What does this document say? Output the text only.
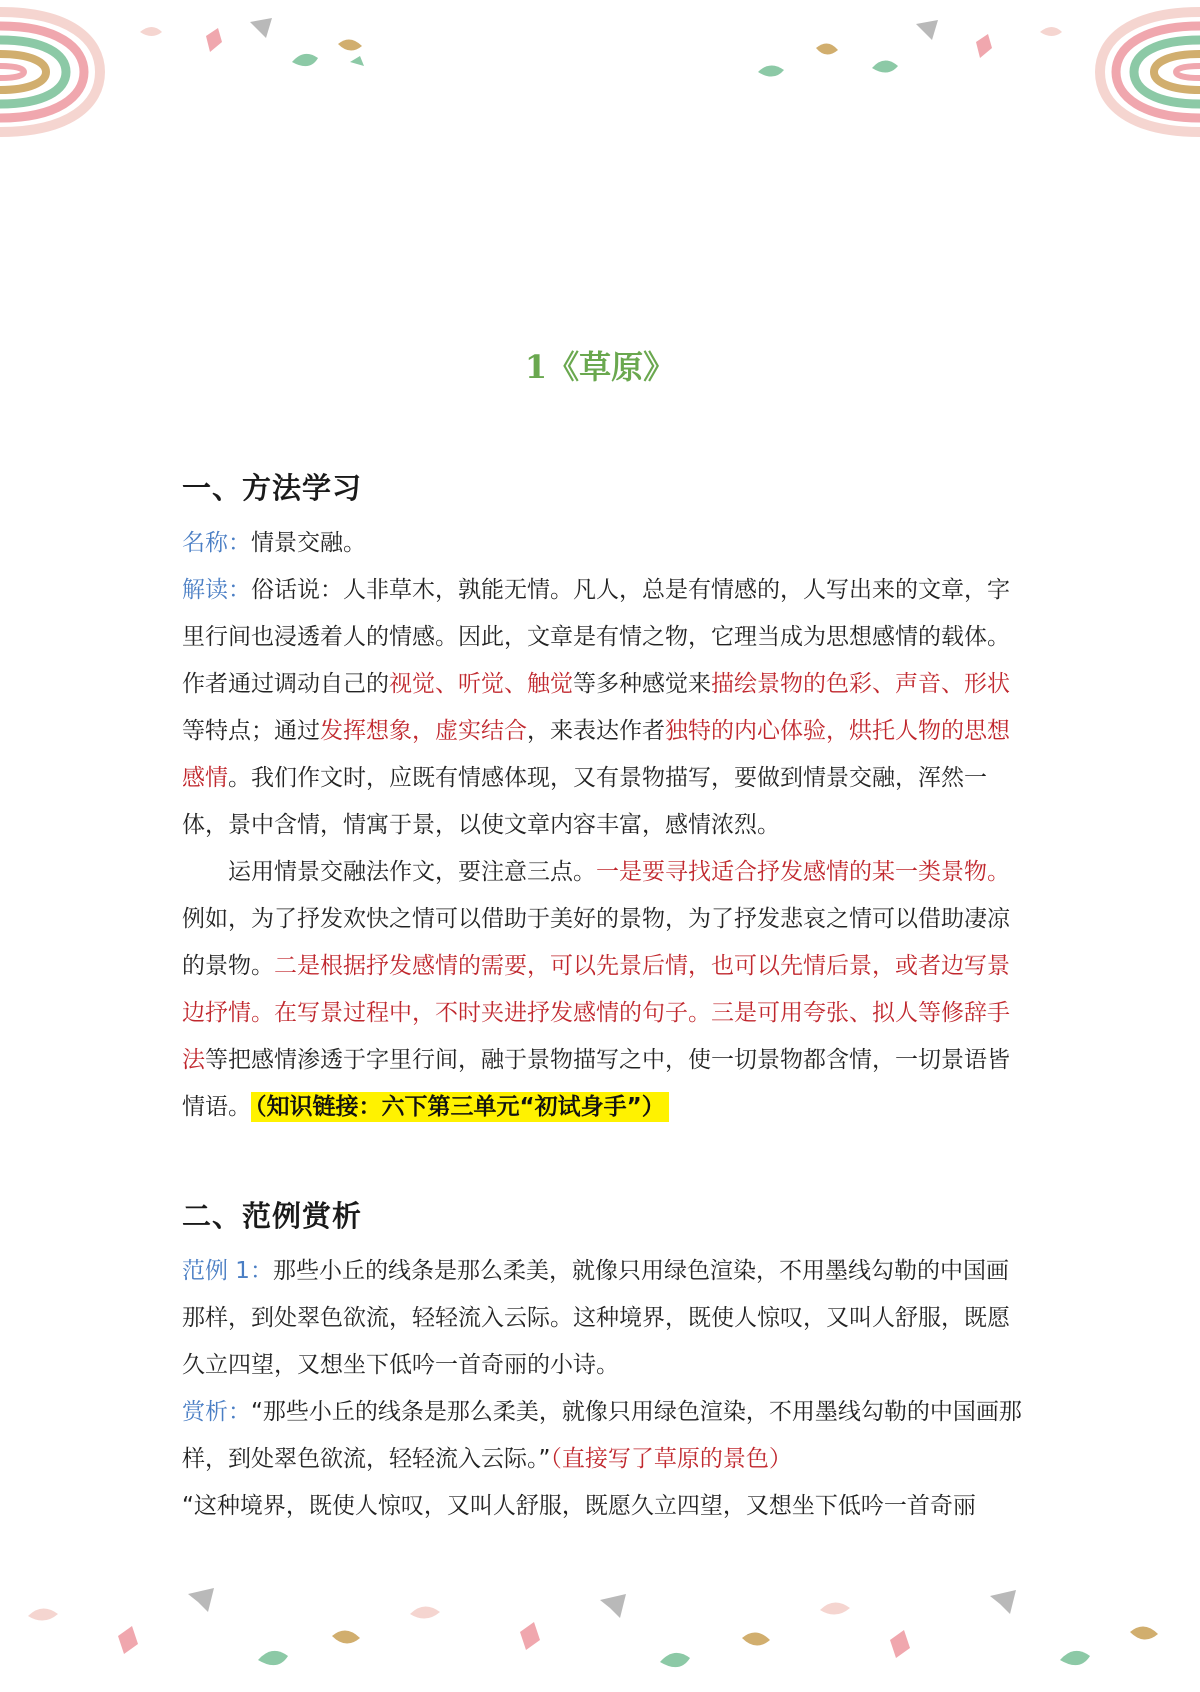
1《草原》
一、方法学习

名称：情景交融。

解读：俗话说：人非草木，孰能无情。凡人，总是有情感的，人写出来的文章，字里行间也浸透着人的情感。因此，文章是有情之物，它理当成为思想感情的载体。作者通过调动自己的视觉、听觉、触觉等多种感觉来描绘景物的色彩、声音、形状等特点；通过发挥想象，虚实结合，来表达作者独特的内心体验，烘托人物的思想感情。我们作文时，应既有情感体现，又有景物描写，要做到情景交融，浑然一体，景中含情，情寓于景，以使文章内容丰富，感情浓烈。

运用情景交融法作文，要注意三点。一是要寻找适合抒发感情的某一类景物。例如，为了抒发欢快之情可以借助于美好的景物，为了抒发悲哀之情可以借助凄凉的景物。二是根据抒发感情的需要，可以先景后情，也可以先情后景，或者边写景边抒情。在写景过程中，不时夹进抒发感情的句子。三是可用夸张、拟人等修辞手法等把感情渗透于字里行间，融于景物描写之中，使一切景物都含情，一切景语皆情语。 （知识链接：六下第三单元“初试身手”）

二、范例赏析

范例 1：那些小丘的线条是那么柔美，就像只用绿色渲染，不用墨线勾勒的中国画那样，到处翠色欲流，轻轻流入云际。这种境界，既使人惊叹，又叫人舒服，既愿久立四望，又想坐下低吟一首奇丽的小诗。

赏析：“那些小丘的线条是那么柔美，就像只用绿色渲染，不用墨线勾勒的中国画那样，到处翠色欲流，轻轻流入云际。”（直接写了草原的景色）

“这种境界，既使人惊叹，又叫人舒服，既愿久立四望，又想坐下低吟一首奇丽
